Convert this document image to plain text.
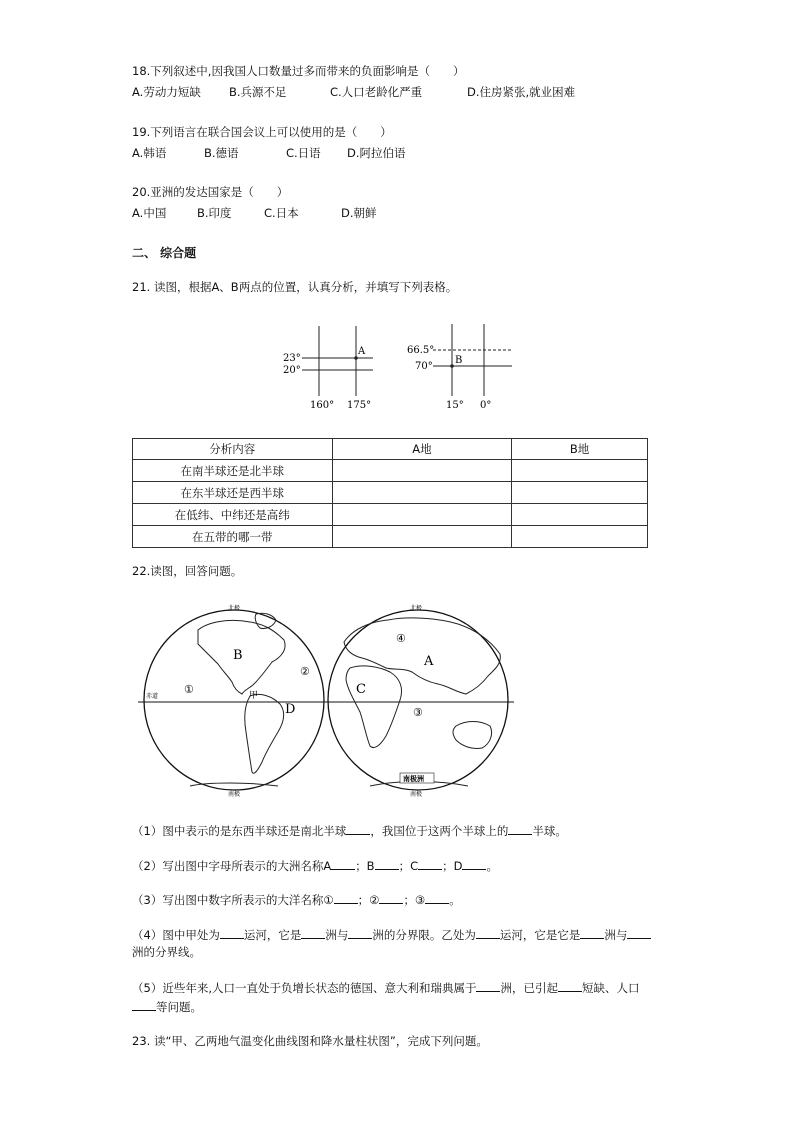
18.下列叙述中,因我国人口数量过多而带来的负面影响是（　　）
A.劳动力短缺 B.兵源不足	C.人口老龄化严重	D.住房紧张,就业困难
19.下列语言在联合国会议上可以使用的是（　　）
A.韩语	B.德语	C.日语 D.阿拉伯语
20.亚洲的发达国家是（　　）
A.中国	B.印度	C.日本	D.朝鲜
二、 综合题
21. 读图，根据A、B两点的位置，认真分析，并填写下列表格。
23°
20°
160° 175°
A	66.5°
70°
15° 0°
B
分析内容	A地	B地
在南半球还是北半球		
在东半球还是西半球		
在低纬、中纬还是高纬		
在五带的哪一带		
22.读图，回答问题。
北极
南极
北极
南极
赤道
南极洲
A
B
C
D
①
②
③
④
甲
（1）图中表示的是东西半球还是南北半球 ，我国位于这两个半球上的 半球。
（2）写出图中字母所表示的大洲名称A ；B ；C ；D 。
（3）写出图中数字所表示的大洋名称① ；② ；③ 。
（4）图中甲处为 运河，它是 洲与 洲的分界限。乙处为 运河，它是它是 洲与
洲的分界线。
（5）近些年来,人口一直处于负增长状态的德国、意大利和瑞典属于 洲，已引起 短缺、人口
等问题。
23. 读“甲、乙两地气温变化曲线图和降水量柱状图”，完成下列问题。
